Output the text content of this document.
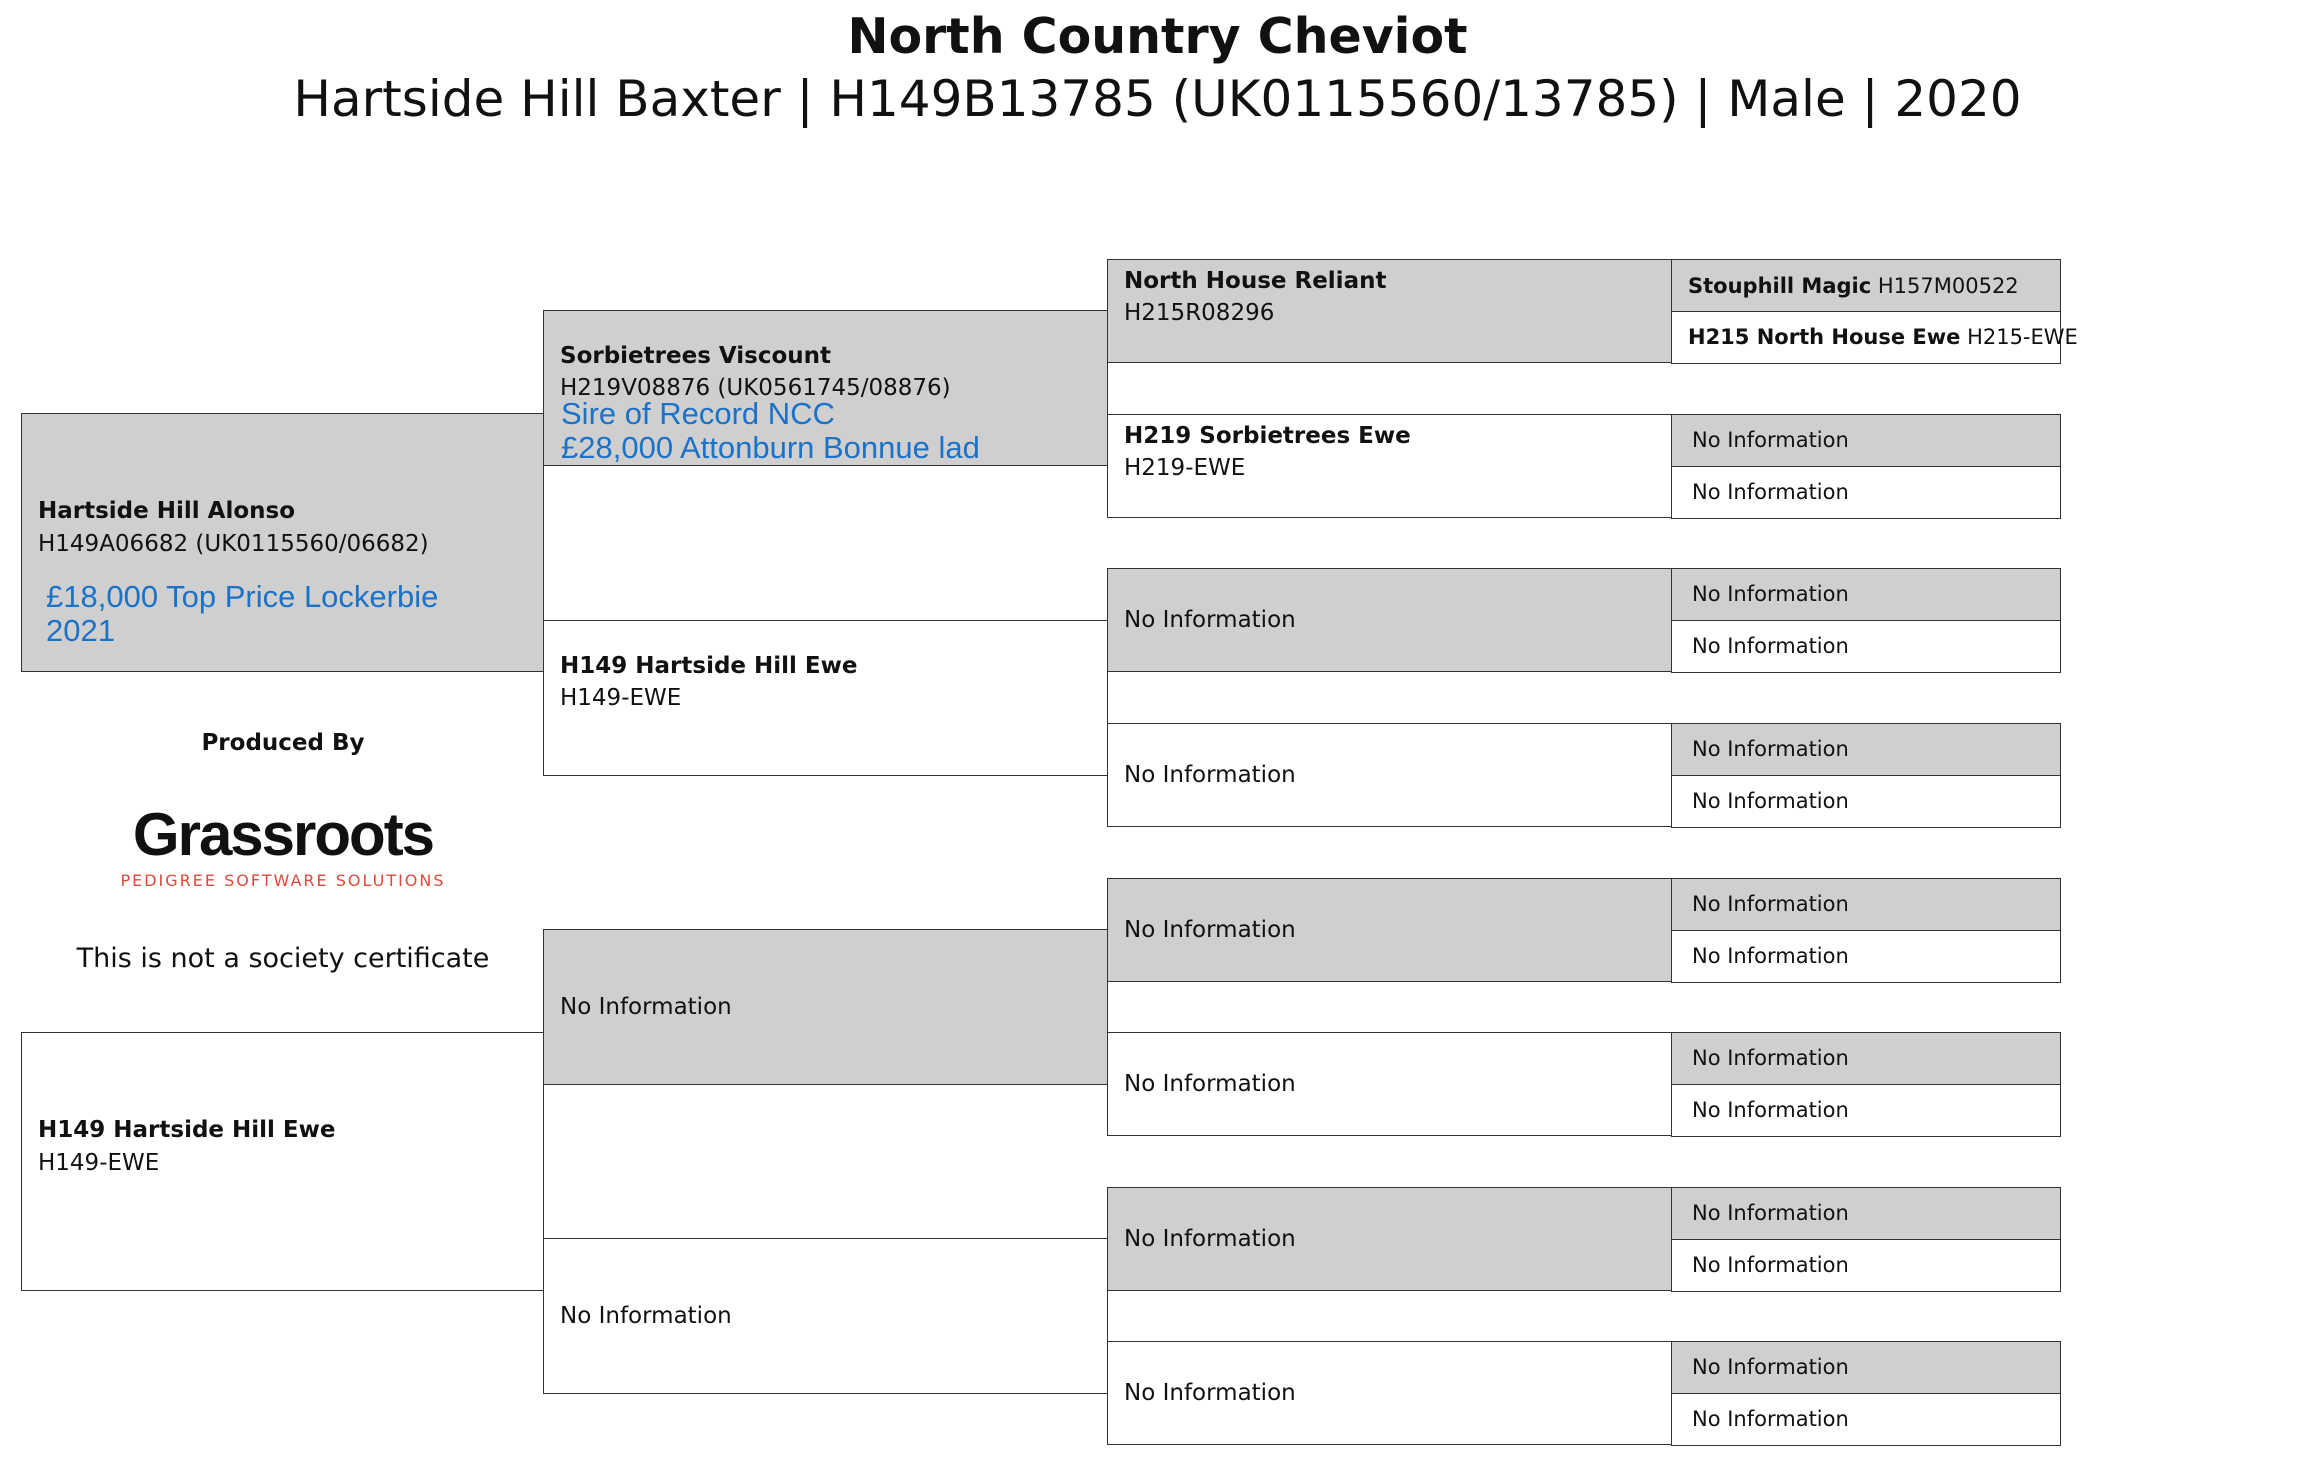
North Country Cheviot
Hartside Hill Baxter | H149B13785 (UK0115560/13785) | Male | 2020
Hartside Hill Alonso
H149A06682 (UK0115560/06682)
£18,000 Top Price Lockerbie
2021
H149 Hartside Hill Ewe
H149-EWE
Sorbietrees Viscount
H219V08876 (UK0561745/08876)
Sire of Record NCC
£28,000 Attonburn Bonnue lad
H149 Hartside Hill Ewe
H149-EWE
No Information
No Information
North House Reliant
H215R08296
H219 Sorbietrees Ewe
H219-EWE
No Information
No Information
No Information
No Information
No Information
No Information
Stouphill Magic H157M00522
H215 North House Ewe H215-EWE
No Information
No Information
No Information
No Information
No Information
No Information
No Information
No Information
No Information
No Information
No Information
No Information
No Information
No Information
Produced By
Grassroots
PEDIGREE SOFTWARE SOLUTIONS
This is not a society certificate
